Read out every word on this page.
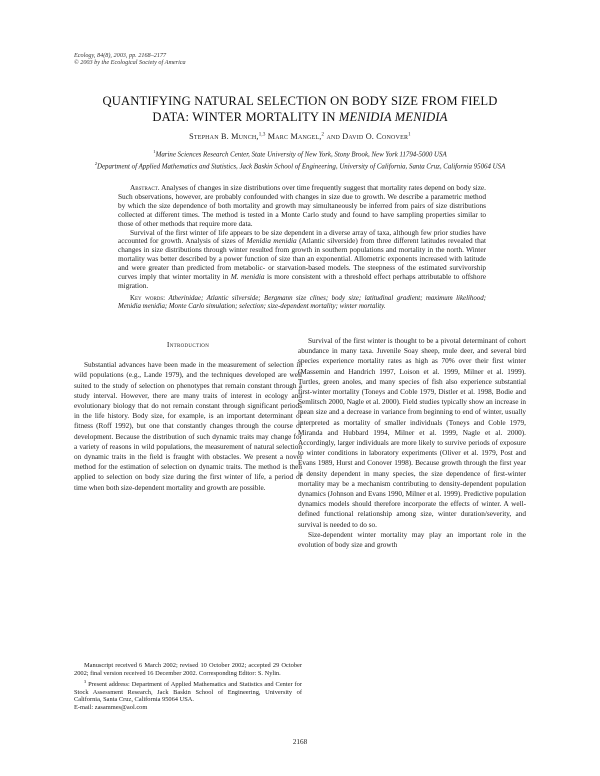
Ecology, 84(8), 2003, pp. 2168–2177
© 2003 by the Ecological Society of America
QUANTIFYING NATURAL SELECTION ON BODY SIZE FROM FIELD
DATA: WINTER MORTALITY IN MENIDIA MENIDIA
Stephan B. Munch,$^{1,3}$ Marc Mangel,$^2$ and David O. Conover$^1$
$^1$Marine Sciences Research Center, State University of New York, Stony Brook, New York 11794-5000 USA
$^2$Department of Applied Mathematics and Statistics, Jack Baskin School of Engineering, University of California, Santa Cruz, California 95064 USA

Abstract. Analyses of changes in size distributions over time frequently suggest that mortality rates depend on body size. Such observations, however, are probably confounded with changes in size due to growth. We describe a parametric method by which the size dependence of both mortality and growth may simultaneously be inferred from pairs of size distributions collected at different times. The method is tested in a Monte Carlo study and found to have sampling properties similar to those of other methods that require more data.

Survival of the first winter of life appears to be size dependent in a diverse array of taxa, although few prior studies have accounted for growth. Analysis of sizes of Menidia menidia (Atlantic silverside) from three different latitudes revealed that changes in size distributions through winter resulted from growth in southern populations and mortality in the north. Winter mortality was better described by a power function of size than an exponential. Allometric exponents increased with latitude and were greater than predicted from metabolic- or starvation-based models. The steepness of the estimated survivorship curves imply that winter mortality in M. menidia is more consistent with a threshold effect perhaps attributable to offshore migration.

Key words: Atherinidae; Atlantic silverside; Bergmann size clines; body size; latitudinal gradient; maximum likelihood; Menidia menidia; Monte Carlo simulation; selection; size-dependent mortality; winter mortality.

Introduction

Substantial advances have been made in the measurement of selection in wild populations (e.g., Lande 1979), and the techniques developed are well suited to the study of selection on phenotypes that remain constant through a study interval. However, there are many traits of interest in ecology and evolutionary biology that do not remain constant through significant periods in the life history. Body size, for example, is an important determinant of fitness (Roff 1992), but one that constantly changes through the course of development. Because the distribution of such dynamic traits may change for a variety of reasons in wild populations, the measurement of natural selection on dynamic traits in the field is fraught with obstacles. We present a novel method for the estimation of selection on dynamic traits. The method is then applied to selection on body size during the first winter of life, a period of time when both size-dependent mortality and growth are possible.

Survival of the first winter is thought to be a pivotal determinant of cohort abundance in many taxa. Juvenile Soay sheep, mule deer, and several bird species experience mortality rates as high as 70% over their first winter (Massemin and Handrich 1997, Loison et al. 1999, Milner et al. 1999). Turtles, green anoles, and many species of fish also experience substantial first-winter mortality (Toneys and Coble 1979, Distler et al. 1998, Bodie and Semlitsch 2000, Nagle et al. 2000). Field studies typically show an increase in mean size and a decrease in variance from beginning to end of winter, usually interpreted as mortality of smaller individuals (Toneys and Coble 1979, Miranda and Hubbard 1994, Milner et al. 1999, Nagle et al. 2000). Accordingly, larger individuals are more likely to survive periods of exposure to winter conditions in laboratory experiments (Oliver et al. 1979, Post and Evans 1989, Hurst and Conover 1998). Because growth through the first year is density dependent in many species, the size dependence of first-winter mortality may be a mechanism contributing to density-dependent population dynamics (Johnson and Evans 1990, Milner et al. 1999). Predictive population dynamics models should therefore incorporate the effects of winter. A well-defined functional relationship among size, winter duration/severity, and survival is needed to do so.

Size-dependent winter mortality may play an important role in the evolution of body size and growth

Manuscript received 6 March 2002; revised 10 October 2002; accepted 29 October 2002; final version received 16 December 2002. Corresponding Editor: S. Nylin.

$^3$ Present address: Department of Applied Mathematics and Statistics and Center for Stock Assessment Research, Jack Baskin School of Engineering, University of California, Santa Cruz, California 95064 USA.

E-mail: zasammes@aol.com

2168
